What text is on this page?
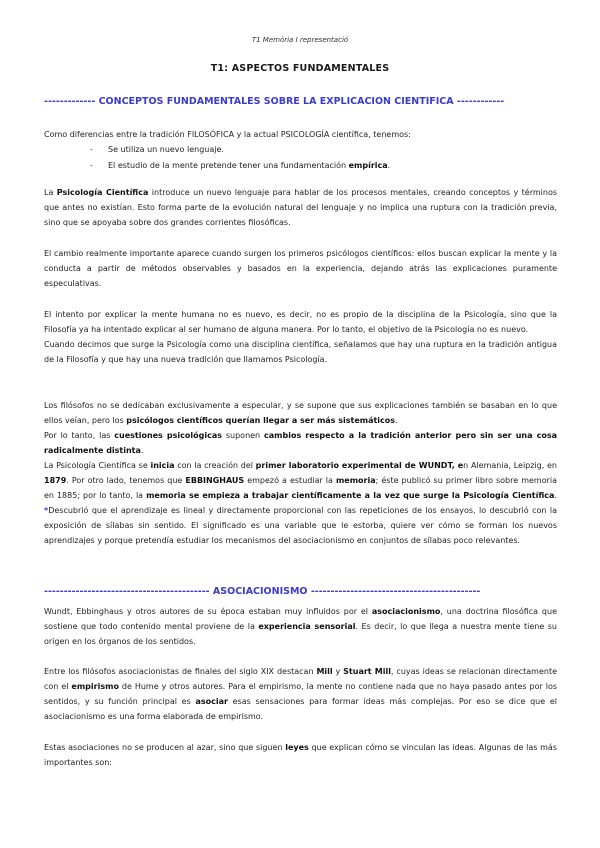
T1 Memòria I representació
T1: ASPECTOS FUNDAMENTALES
------------- CONCEPTOS FUNDAMENTALES SOBRE LA EXPLICACIÓN CIENTÍFICA ------------
Como diferencias entre la tradición FILOSÓFICA y la actual PSICOLOGÍA científica, tenemos:
- Se utiliza un nuevo lenguaje.
- El estudio de la mente pretende tener una fundamentación empírica.
La Psicología Científica introduce un nuevo lenguaje para hablar de los procesos mentales, creando conceptos y términos que antes no existían. Esto forma parte de la evolución natural del lenguaje y no implica una ruptura con la tradición previa, sino que se apoyaba sobre dos grandes corrientes filosóficas.
El cambio realmente importante aparece cuando surgen los primeros psicólogos científicos: ellos buscan explicar la mente y la conducta a partir de métodos observables y basados en la experiencia, dejando atrás las explicaciones puramente especulativas.
El intento por explicar la mente humana no es nuevo, es decir, no es propio de la disciplina de la Psicología, sino que la Filosofía ya ha intentado explicar al ser humano de alguna manera. Por lo tanto, el objetivo de la Psicología no es nuevo.
Cuando decimos que surge la Psicología como una disciplina científica, señalamos que hay una ruptura en la tradición antigua de la Filosofía y que hay una nueva tradición que llamamos Psicología.
Los filósofos no se dedicaban exclusivamente a especular, y se supone que sus explicaciones también se basaban en lo que ellos veían, pero los psicólogos científicos querían llegar a ser más sistemáticos.
Por lo tanto, las cuestiones psicológicas suponen cambios respecto a la tradición anterior pero sin ser una cosa radicalmente distinta.
La Psicología Científica se inicia con la creación del primer laboratorio experimental de WUNDT, en Alemania, Leipzig, en 1879. Por otro lado, tenemos que EBBINGHAUS empezó a estudiar la memoria; éste publicó su primer libro sobre memoria en 1885; por lo tanto, la memoria se empieza a trabajar científicamente a la vez que surge la Psicología Científica. *Descubrió que el aprendizaje es lineal y directamente proporcional con las repeticiones de los ensayos, lo descubrió con la exposición de sílabas sin sentido. El significado es una variable que le estorba, quiere ver cómo se forman los nuevos aprendizajes y porque pretendía estudiar los mecanismos del asociacionismo en conjuntos de sílabas poco relevantes.
------------------------------------------ ASOCIACIONISMO -------------------------------------------
Wundt, Ebbinghaus y otros autores de su época estaban muy influidos por el asociacionismo, una doctrina filosófica que sostiene que todo contenido mental proviene de la experiencia sensorial. Es decir, lo que llega a nuestra mente tiene su origen en los órganos de los sentidos.
Entre los filósofos asociacionistas de finales del siglo XIX destacan Mill y Stuart Mill, cuyas ideas se relacionan directamente con el empirismo de Hume y otros autores. Para el empirismo, la mente no contiene nada que no haya pasado antes por los sentidos, y su función principal es asociar esas sensaciones para formar ideas más complejas. Por eso se dice que el asociacionismo es una forma elaborada de empirismo.
Estas asociaciones no se producen al azar, sino que siguen leyes que explican cómo se vinculan las ideas. Algunas de las más importantes son:
